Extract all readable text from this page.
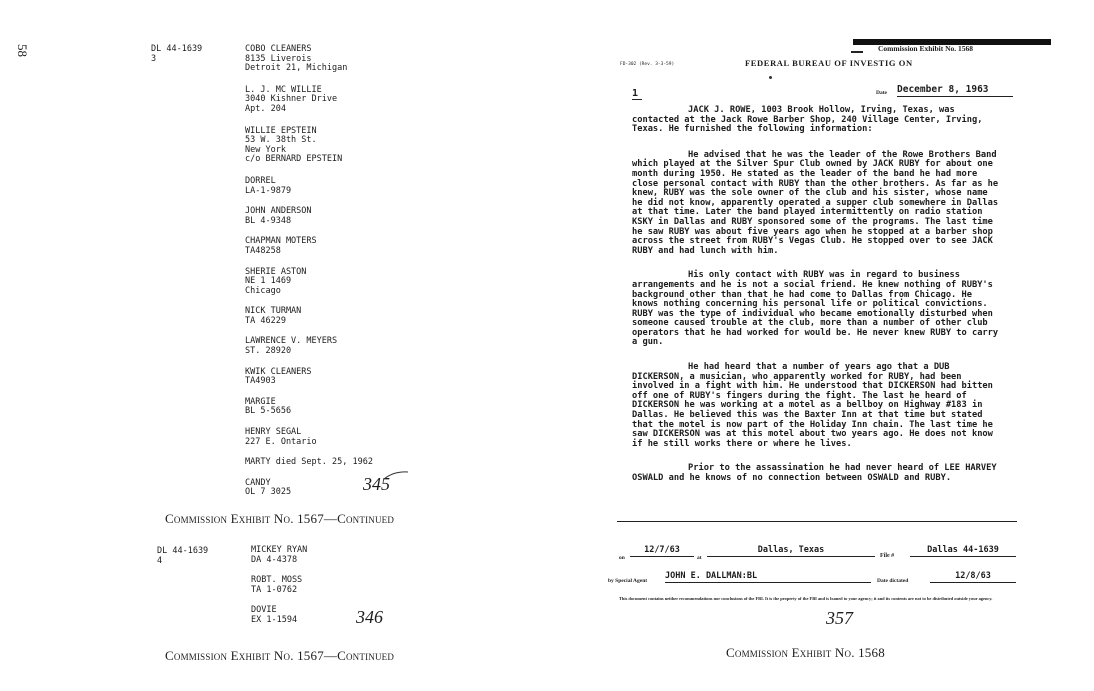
58	DL 44-1639
3
COBO CLEANERS
8135 Liverois
Detroit 21, Michigan
L. J. MC WILLIE
3040 Kishner Drive
Apt. 204
WILLIE EPSTEIN
53 W. 38th St.
New York
c/o BERNARD EPSTEIN
DORREL
LA-1-9879
JOHN ANDERSON
BL 4-9348
CHAPMAN MOTERS
TA48258
SHERIE ASTON
NE 1 1469
Chicago
NICK TURMAN
TA 46229
LAWRENCE V. MEYERS
ST. 28920
KWIK CLEANERS
TA4903
MARGIE
BL 5-5656
HENRY SEGAL
227 E. Ontario
MARTY died Sept. 25, 1962
CANDY
OL 7 3025	345
Commission Exhibit No. 1567—Continued
DL 44-1639
4
MICKEY RYAN
DA 4-4378
ROBT. MOSS
TA 1-0762
DOVIE
EX 1-1594	346
Commission Exhibit No. 1567—Continued
Commission Exhibit No. 1568
FD-302 (Rev. 3-3-59)	FEDERAL BUREAU OF INVESTIG ON
1	Date December 8, 1963

JACK J. ROWE, 1003 Brook Hollow, Irving, Texas, was contacted at the Jack Rowe Barber Shop, 240 Village Center, Irving, Texas. He furnished the following information:

He advised that he was the leader of the Rowe Brothers Band which played at the Silver Spur Club owned by JACK RUBY for about one month during 1950. He stated as the leader of the band he had more close personal contact with RUBY than the other brothers. As far as he knew, RUBY was the sole owner of the club and his sister, whose name he did not know, apparently operated a supper club somewhere in Dallas at that time. Later the band played intermittently on radio station KSKY in Dallas and RUBY sponsored some of the programs. The last time he saw RUBY was about five years ago when he stopped at a barber shop across the street from RUBY's Vegas Club. He stopped over to see JACK RUBY and had lunch with him.

His only contact with RUBY was in regard to business arrangements and he is not a social friend. He knew nothing of RUBY's background other than that he had come to Dallas from Chicago. He knows nothing concerning his personal life or political convictions. RUBY was the type of individual who became emotionally disturbed when someone caused trouble at the club, more than a number of other club operators that he had worked for would be. He never knew RUBY to carry a gun.

He had heard that a number of years ago that a DUB DICKERSON, a musician, who apparently worked for RUBY, had been involved in a fight with him. He understood that DICKERSON had bitten off one of RUBY's fingers during the fight. The last he heard of DICKERSON he was working at a motel as a bellboy on Highway #183 in Dallas. He believed this was the Baxter Inn at that time but stated that the motel is now part of the Holiday Inn chain. The last time he saw DICKERSON was at this motel about two years ago. He does not know if he still works there or where he lives.

Prior to the assassination he had never heard of LEE HARVEY OSWALD and he knows of no connection between OSWALD and RUBY.

on
12/7/63
at
Dallas, Texas
File #
Dallas 44-1639
by Special Agent JOHN E. DALLMAN:BL	Date dictated	12/8/63
This document contains neither recommendations nor conclusions of the FBI. It is the property of the FBI and is loaned to your agency; it and its contents are not to be distributed outside your agency.
357
Commission Exhibit No. 1568
